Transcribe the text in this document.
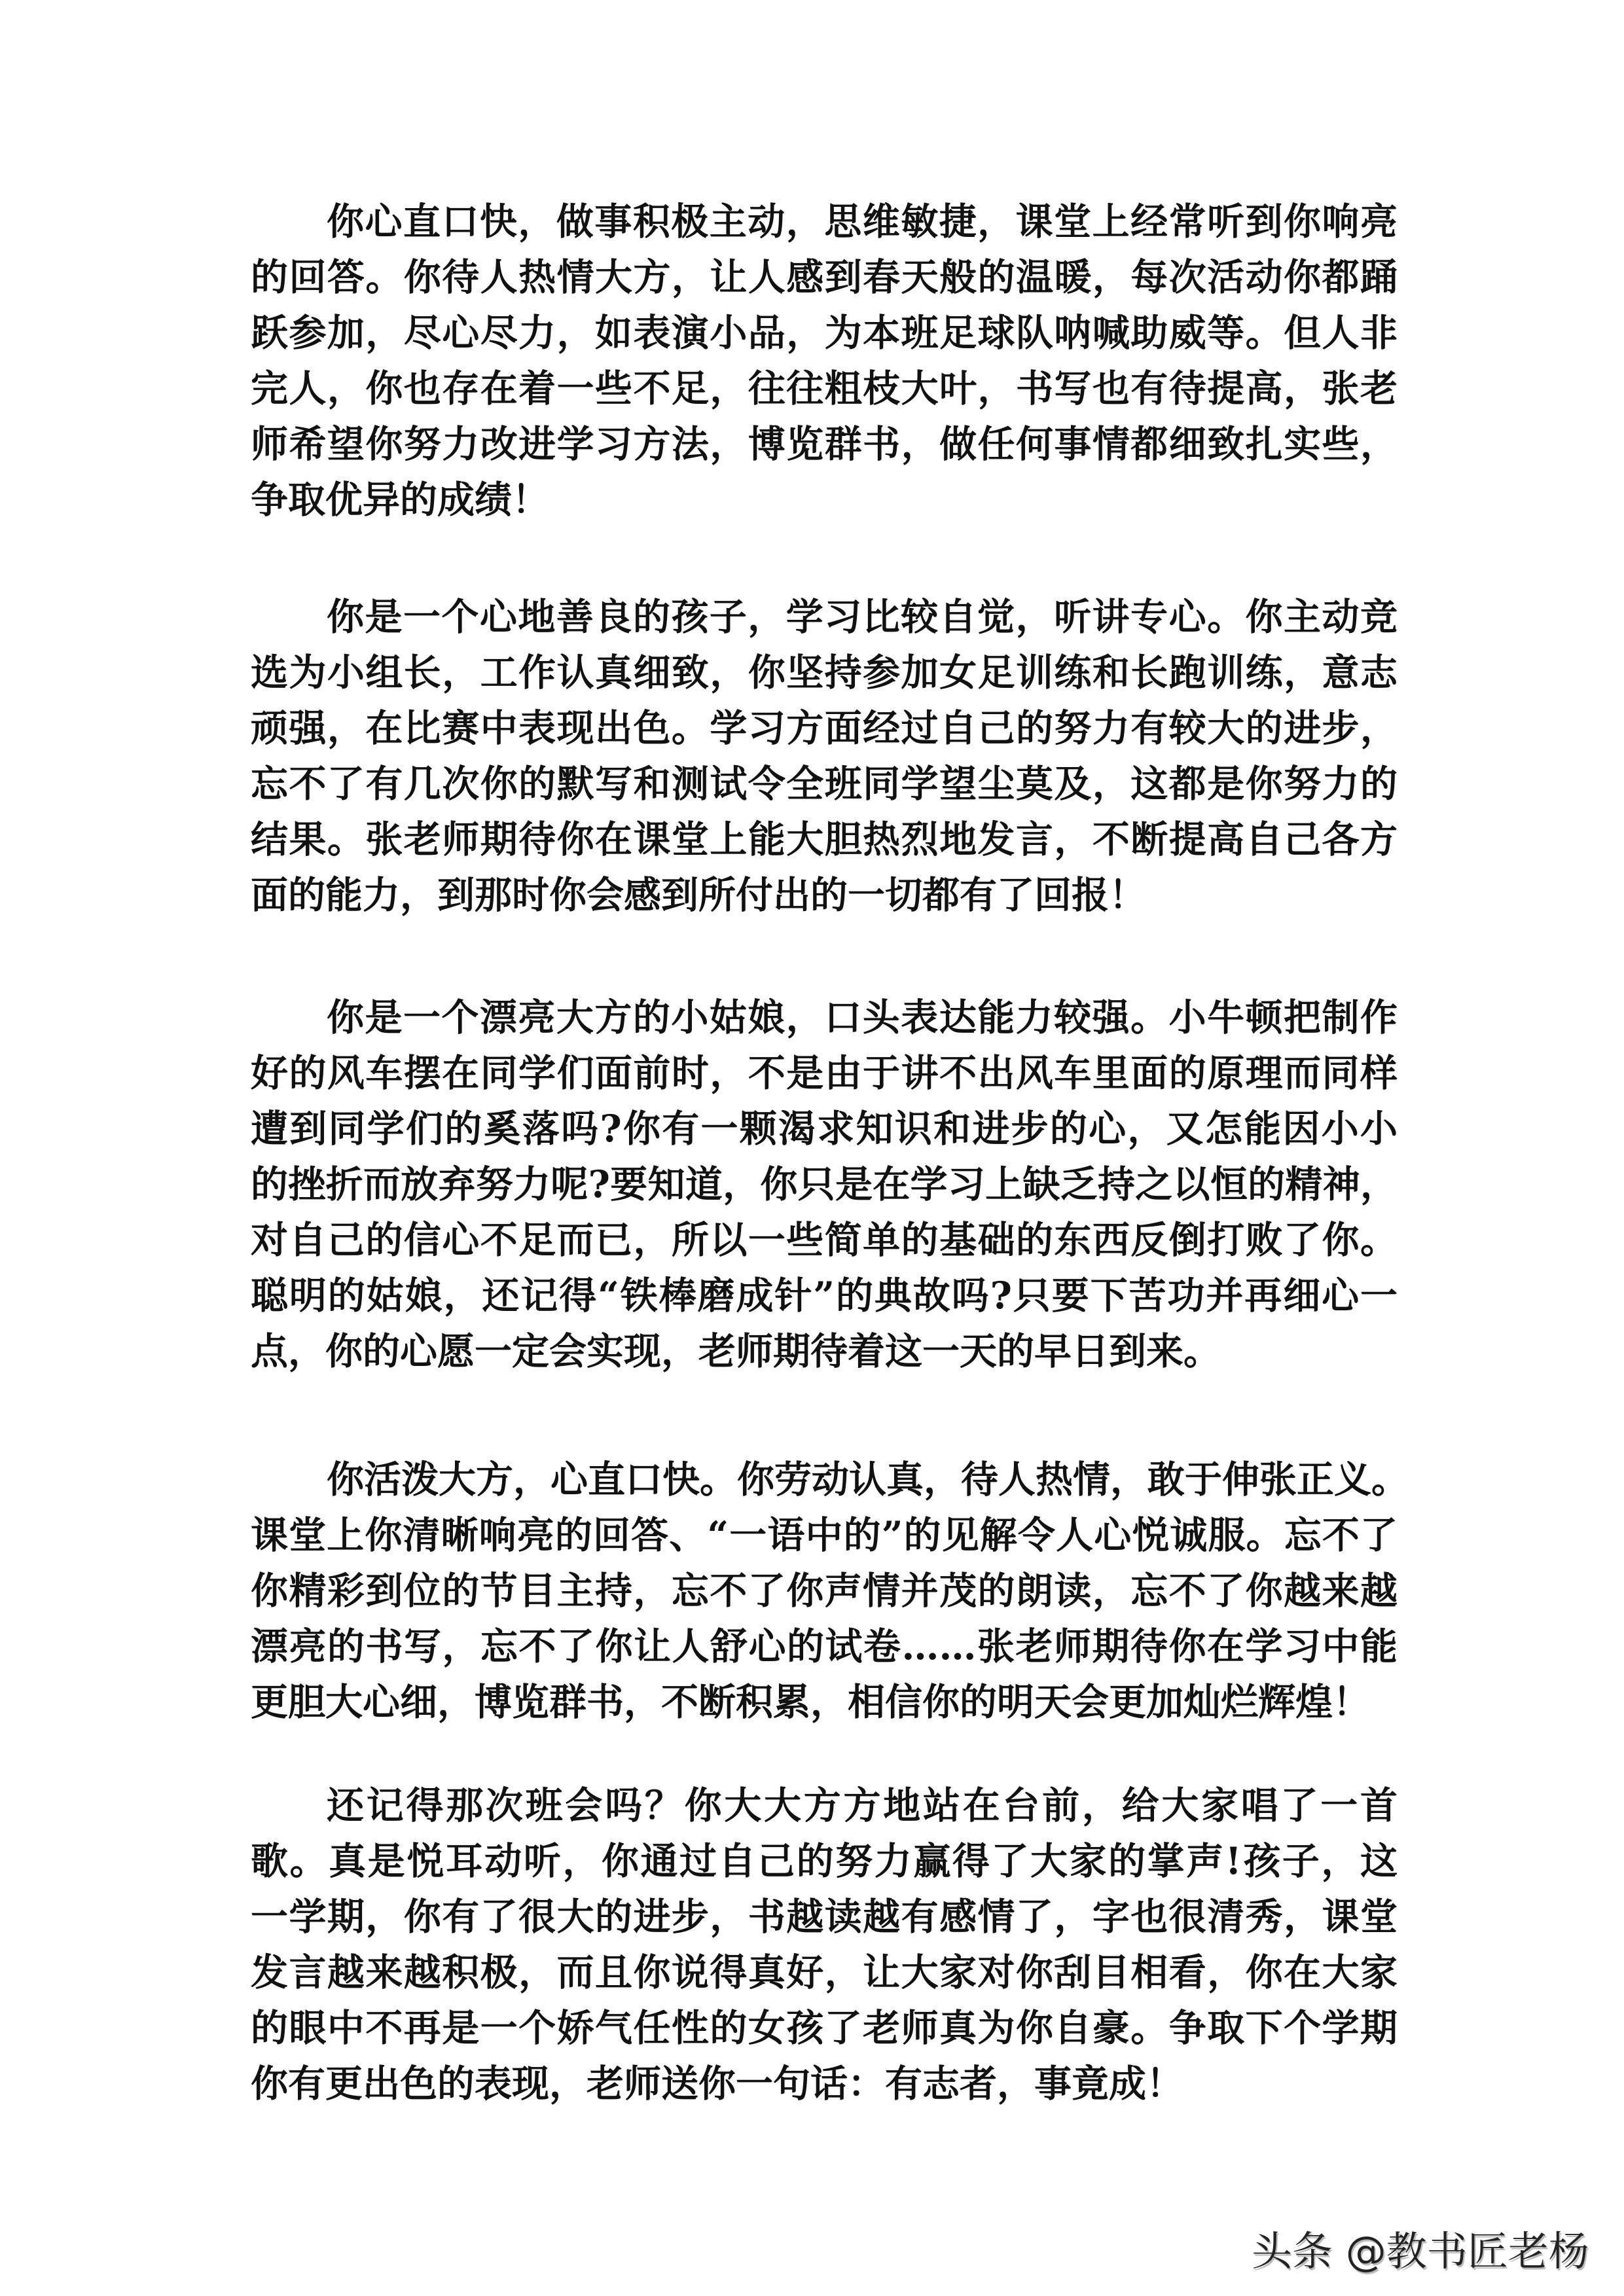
你心直口快，做事积极主动，思维敏捷，课堂上经常听到你响亮
的回答。你待人热情大方，让人感到春天般的温暖，每次活动你都踊
跃参加，尽心尽力，如表演小品，为本班足球队呐喊助威等。但人非
完人，你也存在着一些不足，往往粗枝大叶，书写也有待提高，张老
师希望你努力改进学习方法，博览群书，做任何事情都细致扎实些，
争取优异的成绩！
你是一个心地善良的孩子，学习比较自觉，听讲专心。你主动竞
选为小组长，工作认真细致，你坚持参加女足训练和长跑训练，意志
顽强，在比赛中表现出色。学习方面经过自己的努力有较大的进步，
忘不了有几次你的默写和测试令全班同学望尘莫及，这都是你努力的
结果。张老师期待你在课堂上能大胆热烈地发言，不断提高自己各方
面的能力，到那时你会感到所付出的一切都有了回报！
你是一个漂亮大方的小姑娘，口头表达能力较强。小牛顿把制作
好的风车摆在同学们面前时，不是由于讲不出风车里面的原理而同样
遭到同学们的奚落吗?你有一颗渴求知识和进步的心，又怎能因小小
的挫折而放弃努力呢?要知道，你只是在学习上缺乏持之以恒的精神，
对自己的信心不足而已，所以一些简单的基础的东西反倒打败了你。
聪明的姑娘，还记得“铁棒磨成针”的典故吗?只要下苦功并再细心一
点，你的心愿一定会实现，老师期待着这一天的早日到来。
你活泼大方，心直口快。你劳动认真，待人热情，敢于伸张正义。
课堂上你清晰响亮的回答、“一语中的”的见解令人心悦诚服。忘不了
你精彩到位的节目主持，忘不了你声情并茂的朗读，忘不了你越来越
漂亮的书写，忘不了你让人舒心的试卷……张老师期待你在学习中能
更胆大心细，博览群书，不断积累，相信你的明天会更加灿烂辉煌！
还记得那次班会吗？你大大方方地站在台前，给大家唱了一首
歌。真是悦耳动听，你通过自己的努力赢得了大家的掌声!孩子，这
一学期，你有了很大的进步，书越读越有感情了，字也很清秀，课堂
发言越来越积极，而且你说得真好，让大家对你刮目相看，你在大家
的眼中不再是一个娇气任性的女孩了老师真为你自豪。争取下个学期
你有更出色的表现，老师送你一句话：有志者，事竟成！
头条 @教书匠老杨
